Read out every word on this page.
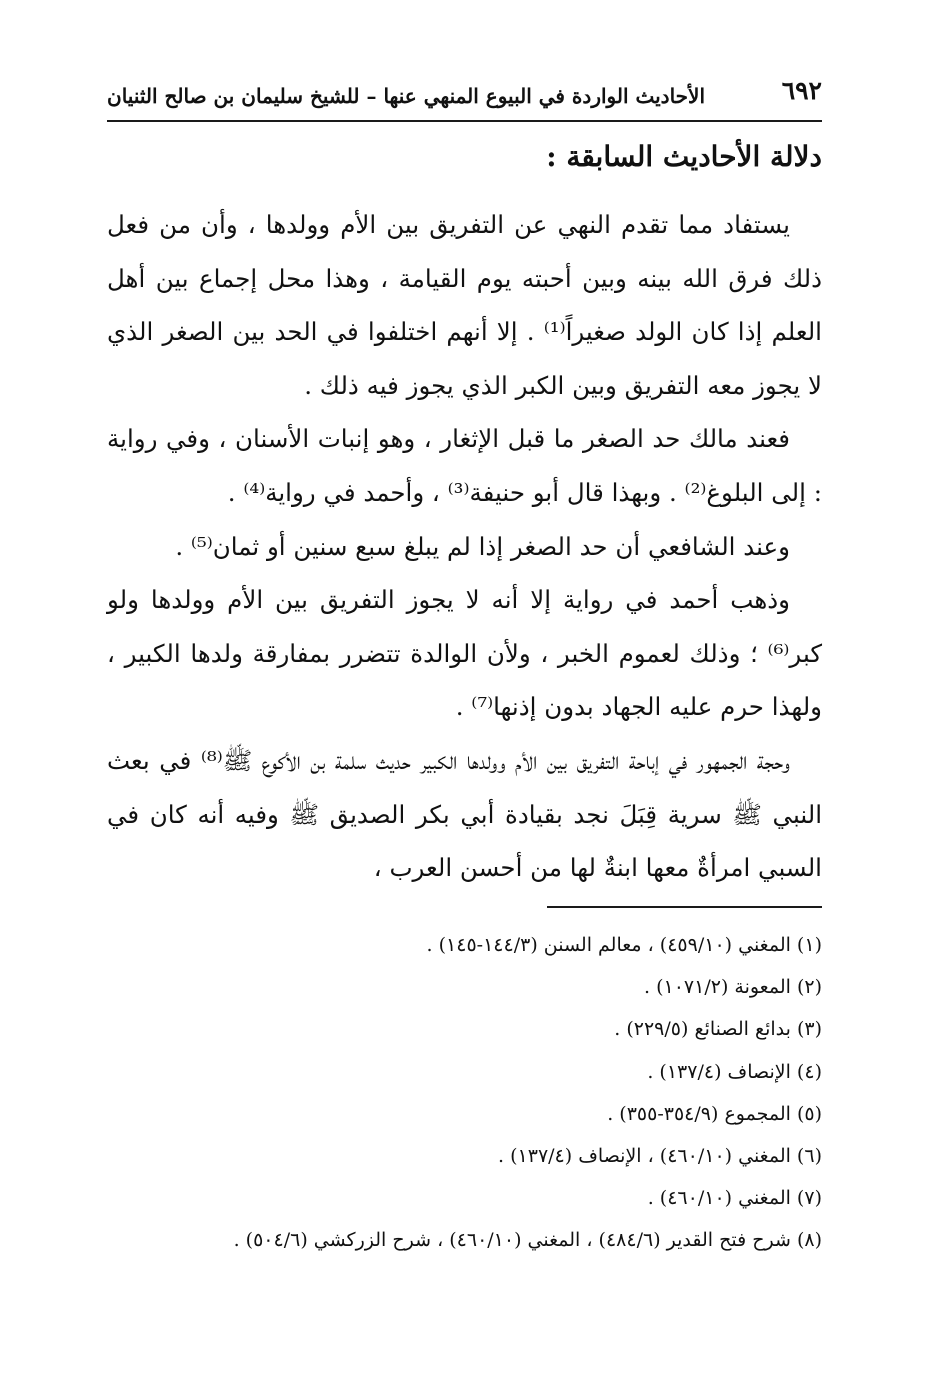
٦٩٢
الأحاديث الواردة في البيوع المنهي عنها – للشيخ سليمان بن صالح الثنيان
دلالة الأحاديث السابقة :

يستفاد مما تقدم النهي عن التفريق بين الأم وولدها ، وأن من فعل ذلك فرق الله بينه وبين أحبته يوم القيامة ، وهذا محل إجماع بين أهل العلم إذا كان الولد صغيراً⁽¹⁾ . إلا أنهم اختلفوا في الحد بين الصغر الذي لا يجوز معه التفريق وبين الكبر الذي يجوز فيه ذلك .

فعند مالك حد الصغر ما قبل الإثغار ، وهو إنبات الأسنان ، وفي رواية : إلى البلوغ⁽²⁾ . وبهذا قال أبو حنيفة⁽³⁾ ، وأحمد في رواية⁽⁴⁾ .

وعند الشافعي أن حد الصغر إذا لم يبلغ سبع سنين أو ثمان⁽⁵⁾ .

وذهب أحمد في رواية إلا أنه لا يجوز التفريق بين الأم وولدها ولو كبر⁽⁶⁾ ؛ وذلك لعموم الخبر ، ولأن الوالدة تتضرر بمفارقة ولدها الكبير ، ولهذا حرم عليه الجهاد بدون إذنها⁽⁷⁾ .

وحجة الجمهور في إباحة التفريق بين الأم وولدها الكبير حديث سلمة بن الأكوع ﷺ⁽⁸⁾ في بعث النبي ﷺ سرية قِبَلَ نجد بقيادة أبي بكر الصديق ﷺ وفيه أنه كان في السبي امرأةٌ معها ابنةٌ لها من أحسن العرب ،

(١) المغني (٤٥٩/١٠) ، معالم السنن (١٤٤/٣-١٤٥) .

(٢) المعونة (١٠٧١/٢) .

(٣) بدائع الصنائع (٢٢٩/٥) .

(٤) الإنصاف (١٣٧/٤) .

(٥) المجموع (٣٥٤/٩-٣٥٥) .

(٦) المغني (٤٦٠/١٠) ، الإنصاف (١٣٧/٤) .

(٧) المغني (٤٦٠/١٠) .

(٨) شرح فتح القدير (٤٨٤/٦) ، المغني (٤٦٠/١٠) ، شرح الزركشي (٥٠٤/٦) .
